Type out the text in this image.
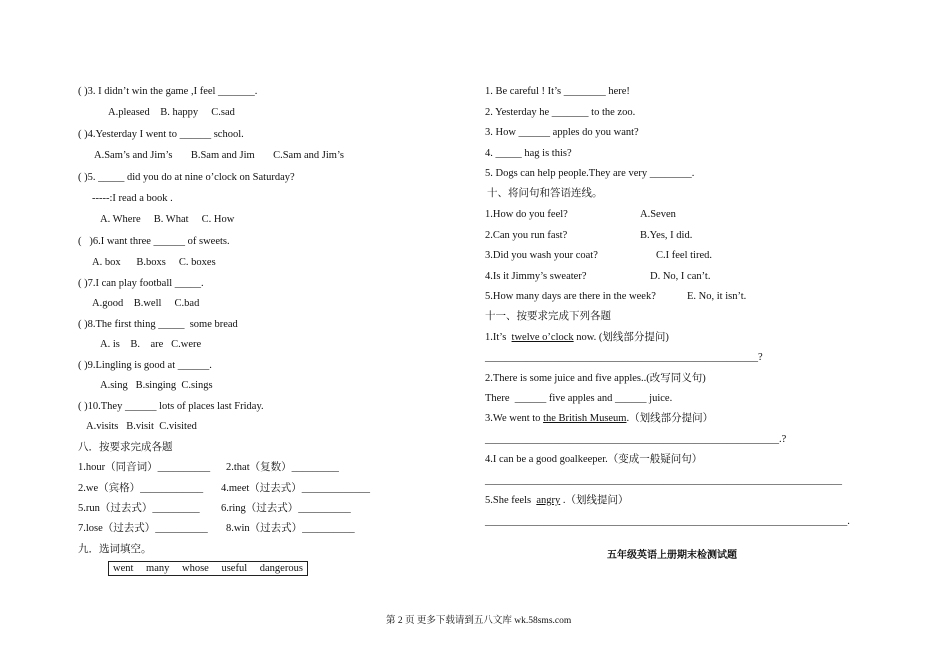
( )3. I didn’t win the game ,I feel _______.
A.pleased    B. happy     C.sad
( )4.Yesterday I went to ______ school.
A.Sam’s and Jim’s       B.Sam and Jim       C.Sam and Jim’s
( )5. _____ did you do at nine o’clock on Saturday?
-----:I read a book .
A. Where     B. What     C. How
(   )6.I want three ______ of sweets.
A. box      B.boxs     C. boxes
( )7.I can play football _____.
A.good    B.well     C.bad
( )8.The first thing _____  some bread
A. is    B.    are   C.were
( )9.Lingling is good at ______.
A.sing   B.singing  C.sings
( )10.They ______ lots of places last Friday.
A.visits   B.visit  C.visited
八．按要求完成各题
1.hour（同音词）__________ 2.that（复数）_________
2.we（宾格）____________ 4.meet（过去式）_____________
5.run（过去式）_________ 6.ring（过去式）__________
7.lose（过去式）__________ 8.win（过去式）__________
九．选词填空。
went many whose useful dangerous
1. Be careful ! It’s ________ here!
2. Yesterday he _______ to the zoo.
3. How ______ apples do you want?
4. _____ hag is this?
5. Dogs can help people.They are very ________.
十、将问句和答语连线。
1.How do you feel?	A.Seven
2.Can you run fast?	B.Yes, I did.
3.Did you wash your coat?	C.I feel tired.
4.Is it Jimmy’s sweater?	D. No, I can’t.
5.How many days are there in the week?	E. No, it isn’t.
十一、按要求完成下列各题
1.It’s  twelve o’clock now. (划线部分提问)
____________________________________________________?
2.There is some juice and five apples..(改写同义句)
There  ______ five apples and ______ juice.
3.We went to the British Museum.（划线部分提问）
________________________________________________________.?
4.I can be a good goalkeeper.（变成一般疑问句）
____________________________________________________________________
5.She feels  angry .（划线提问）
_____________________________________________________________________.
五年级英语上册期末检测试题
第 2 页 更多下载请到五八文库 wk.58sms.com
